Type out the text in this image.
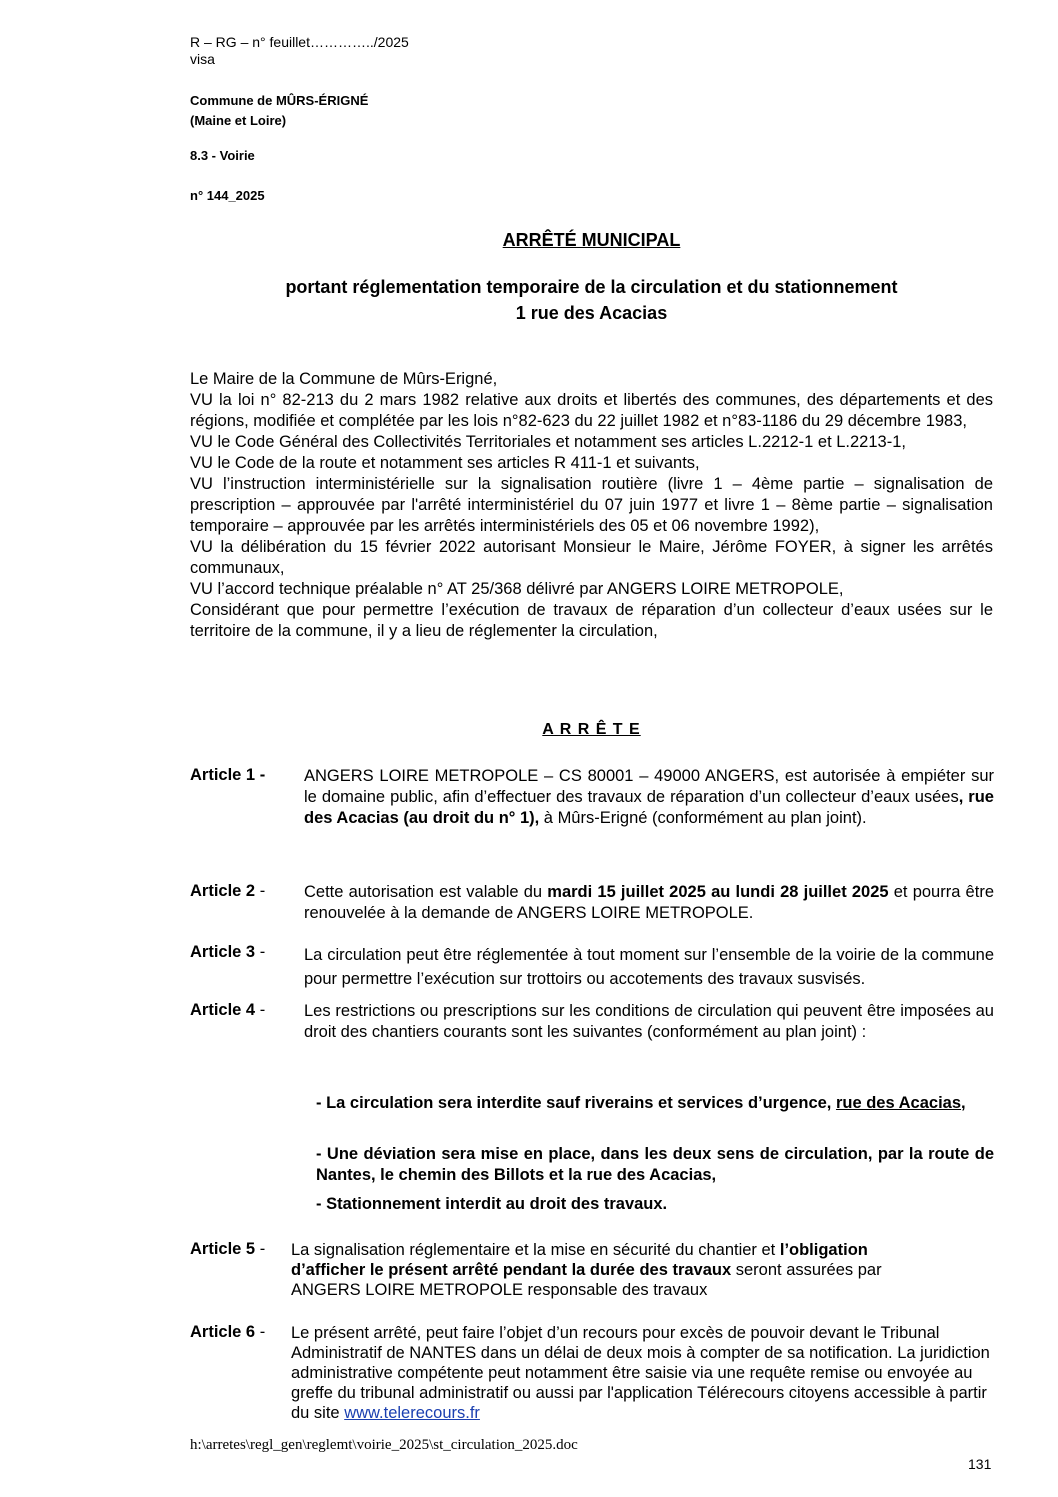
R – RG – n° feuillet…………../2025

visa

Commune de MÛRS-ÉRIGNÉ

(Maine et Loire)

8.3 - Voirie
n° 144_2025
ARRÊTÉ MUNICIPAL

portant réglementation temporaire de la circulation et du stationnement

1 rue des Acacias

Le Maire de la Commune de Mûrs-Erigné,

VU la loi n° 82-213 du 2 mars 1982 relative aux droits et libertés des communes, des départements et des régions, modifiée et complétée par les lois n°82-623 du 22 juillet 1982 et n°83-1186 du 29 décembre 1983,

VU le Code Général des Collectivités Territoriales et notamment ses articles L.2212-1 et L.2213-1,

VU le Code de la route et notamment ses articles R 411-1 et suivants,

VU l’instruction interministérielle sur la signalisation routière (livre 1 – 4ème partie – signalisation de prescription – approuvée par l'arrêté interministériel du 07 juin 1977 et livre 1 – 8ème partie – signalisation temporaire – approuvée par les arrêtés interministériels des 05 et 06 novembre 1992),

VU la délibération du 15 février 2022 autorisant Monsieur le Maire, Jérôme FOYER, à signer les arrêtés communaux,

VU l’accord technique préalable n° AT 25/368 délivré par ANGERS LOIRE METROPOLE,

Considérant que pour permettre l’exécution de travaux de réparation d’un collecteur d’eaux usées sur le territoire de la commune, il y a lieu de réglementer la circulation,

A R R Ê T E
Article 1 - ANGERS LOIRE METROPOLE – CS 80001 – 49000 ANGERS, est autorisée à empiéter sur le domaine public, afin d’effectuer des travaux de réparation d’un collecteur d’eaux usées, rue des Acacias (au droit du n° 1), à Mûrs-Erigné (conformément au plan joint).
Article 2 - Cette autorisation est valable du mardi 15 juillet 2025 au lundi 28 juillet 2025 et pourra être renouvelée à la demande de ANGERS LOIRE METROPOLE.
Article 3 - La circulation peut être réglementée à tout moment sur l’ensemble de la voirie de la commune pour permettre l’exécution sur trottoirs ou accotements des travaux susvisés.
Article 4 - Les restrictions ou prescriptions sur les conditions de circulation qui peuvent être imposées au droit des chantiers courants sont les suivantes (conformément au plan joint) :
- La circulation sera interdite sauf riverains et services d’urgence, rue des Acacias,
- Une déviation sera mise en place, dans les deux sens de circulation, par la route de Nantes, le chemin des Billots et la rue des Acacias,
- Stationnement interdit au droit des travaux.
Article 5 - La signalisation réglementaire et la mise en sécurité du chantier et l’obligation d’afficher le présent arrêté pendant la durée des travaux seront assurées par ANGERS LOIRE METROPOLE responsable des travaux
Article 6 - Le présent arrêté, peut faire l’objet d’un recours pour excès de pouvoir devant le Tribunal Administratif de NANTES dans un délai de deux mois à compter de sa notification. La juridiction administrative compétente peut notamment être saisie via une requête remise ou envoyée au greffe du tribunal administratif ou aussi par l'application Télérecours citoyens accessible à partir du site www.telerecours.fr
h:\arretes\regl_gen\reglemt\voirie_2025\st_circulation_2025.doc
131
